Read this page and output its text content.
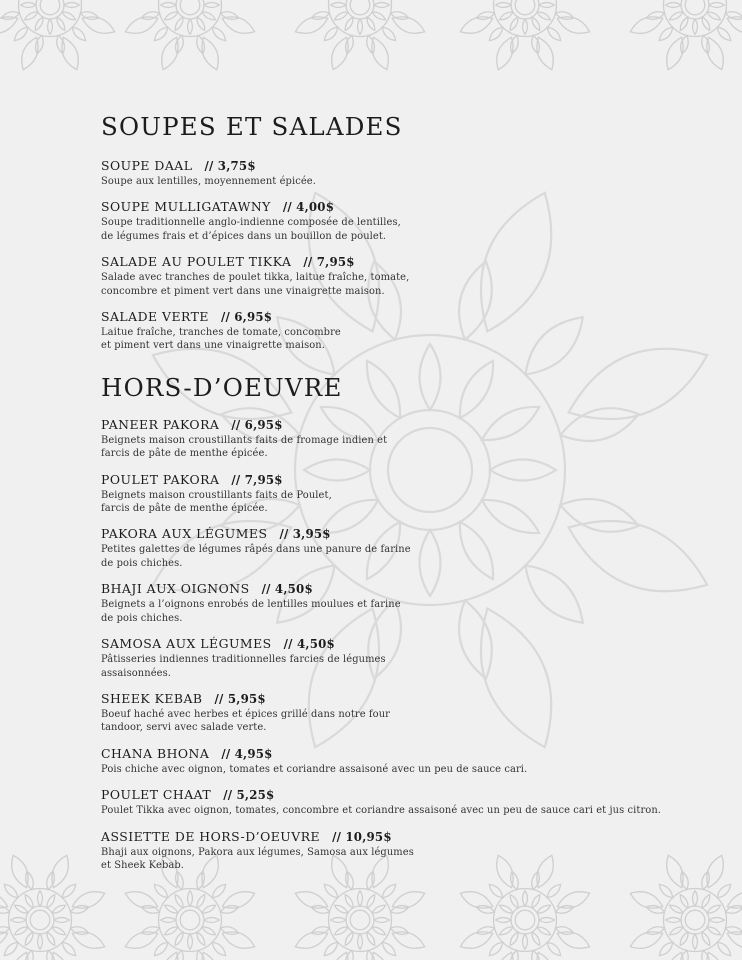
SOUPES ET SALADES
SOUPE DAAL // 3,75$
Soupe aux lentilles, moyennement épicée.
SOUPE MULLIGATAWNY // 4,00$
Soupe traditionnelle anglo-indienne composée de lentilles,
de légumes frais et d’épices dans un bouillon de poulet.
SALADE AU POULET TIKKA // 7,95$
Salade avec tranches de poulet tikka, laitue fraîche, tomate,
concombre et piment vert dans une vinaigrette maison.
SALADE VERTE // 6,95$
Laitue fraîche, tranches de tomate, concombre
et piment vert dans une vinaigrette maison.
HORS-D’OEUVRE
PANEER PAKORA // 6,95$
Beignets maison croustillants faits de fromage indien et
farcis de pâte de menthe épicée.
POULET PAKORA // 7,95$
Beignets maison croustillants faits de Poulet,
farcis de pâte de menthe épicée.
PAKORA AUX LÉGUMES // 3,95$
Petites galettes de légumes râpés dans une panure de farine
de pois chiches.
BHAJI AUX OIGNONS // 4,50$
Beignets a l’oignons enrobés de lentilles moulues et farine
de pois chiches.
SAMOSA AUX LÉGUMES // 4,50$
Pâtisseries indiennes traditionnelles farcies de légumes
assaisonnées.
SHEEK KEBAB // 5,95$
Boeuf haché avec herbes et épices grillé dans notre four
tandoor, servi avec salade verte.
CHANA BHONA // 4,95$
Pois chiche avec oignon, tomates et coriandre assaisoné avec un peu de sauce cari.
POULET CHAAT // 5,25$
Poulet Tikka avec oignon, tomates, concombre et coriandre assaisoné avec un peu de sauce cari et jus citron.
ASSIETTE DE HORS-D’OEUVRE // 10,95$
Bhaji aux oignons, Pakora aux légumes, Samosa aux légumes
et Sheek Kebab.
